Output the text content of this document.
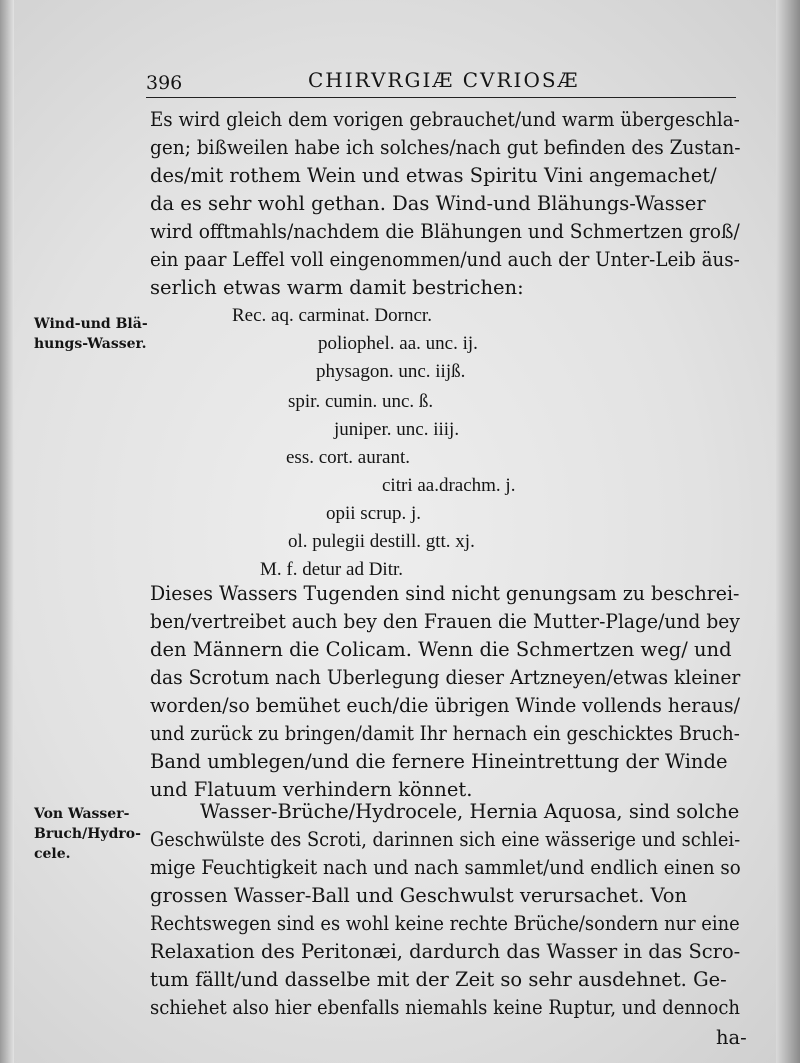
396	CHIRVRGIÆ CVRIOSÆ
Es wird gleich dem vorigen gebrauchet/und warm übergeschla-
gen; bißweilen habe ich solches/nach gut befinden des Zustan-
des/mit rothem Wein und etwas Spiritu Vini angemachet/
da es sehr wohl gethan. Das Wind-und Blähungs-Wasser
wird offtmahls/nachdem die Blähungen und Schmertzen groß/
ein paar Leffel voll eingenommen/und auch der Unter-Leib äus-
serlich etwas warm damit bestrichen:
Wind-und Blä-
hungs-Wasser.
Rec. aq. carminat. Dorncr.
poliophel. aa. unc. ij.
physagon. unc. iijß.
spir. cumin. unc. ß.
juniper. unc. iiij.
ess. cort. aurant.
citri aa.drachm. j.
opii scrup. j.
ol. pulegii destill. gtt. xj.
M. f. detur ad Ditr.
Dieses Wassers Tugenden sind nicht genungsam zu beschrei-
ben/vertreibet auch bey den Frauen die Mutter-Plage/und bey
den Männern die Colicam. Wenn die Schmertzen weg/ und
das Scrotum nach Uberlegung dieser Artzneyen/etwas kleiner
worden/so bemühet euch/die übrigen Winde vollends heraus/
und zurück zu bringen/damit Ihr hernach ein geschicktes Bruch-
Band umblegen/und die fernere Hineintrettung der Winde
und Flatuum verhindern könnet.
Von Wasser-
Bruch/Hydro-
cele.
Wasser-Brüche/Hydrocele, Hernia Aquosa, sind solche
Geschwülste des Scroti, darinnen sich eine wässerige und schlei-
mige Feuchtigkeit nach und nach sammlet/und endlich einen so
grossen Wasser-Ball und Geschwulst verursachet. Von
Rechtswegen sind es wohl keine rechte Brüche/sondern nur eine
Relaxation des Peritonæi, dardurch das Wasser in das Scro-
tum fällt/und dasselbe mit der Zeit so sehr ausdehnet. Ge-
schiehet also hier ebenfalls niemahls keine Ruptur, und dennoch
ha-
